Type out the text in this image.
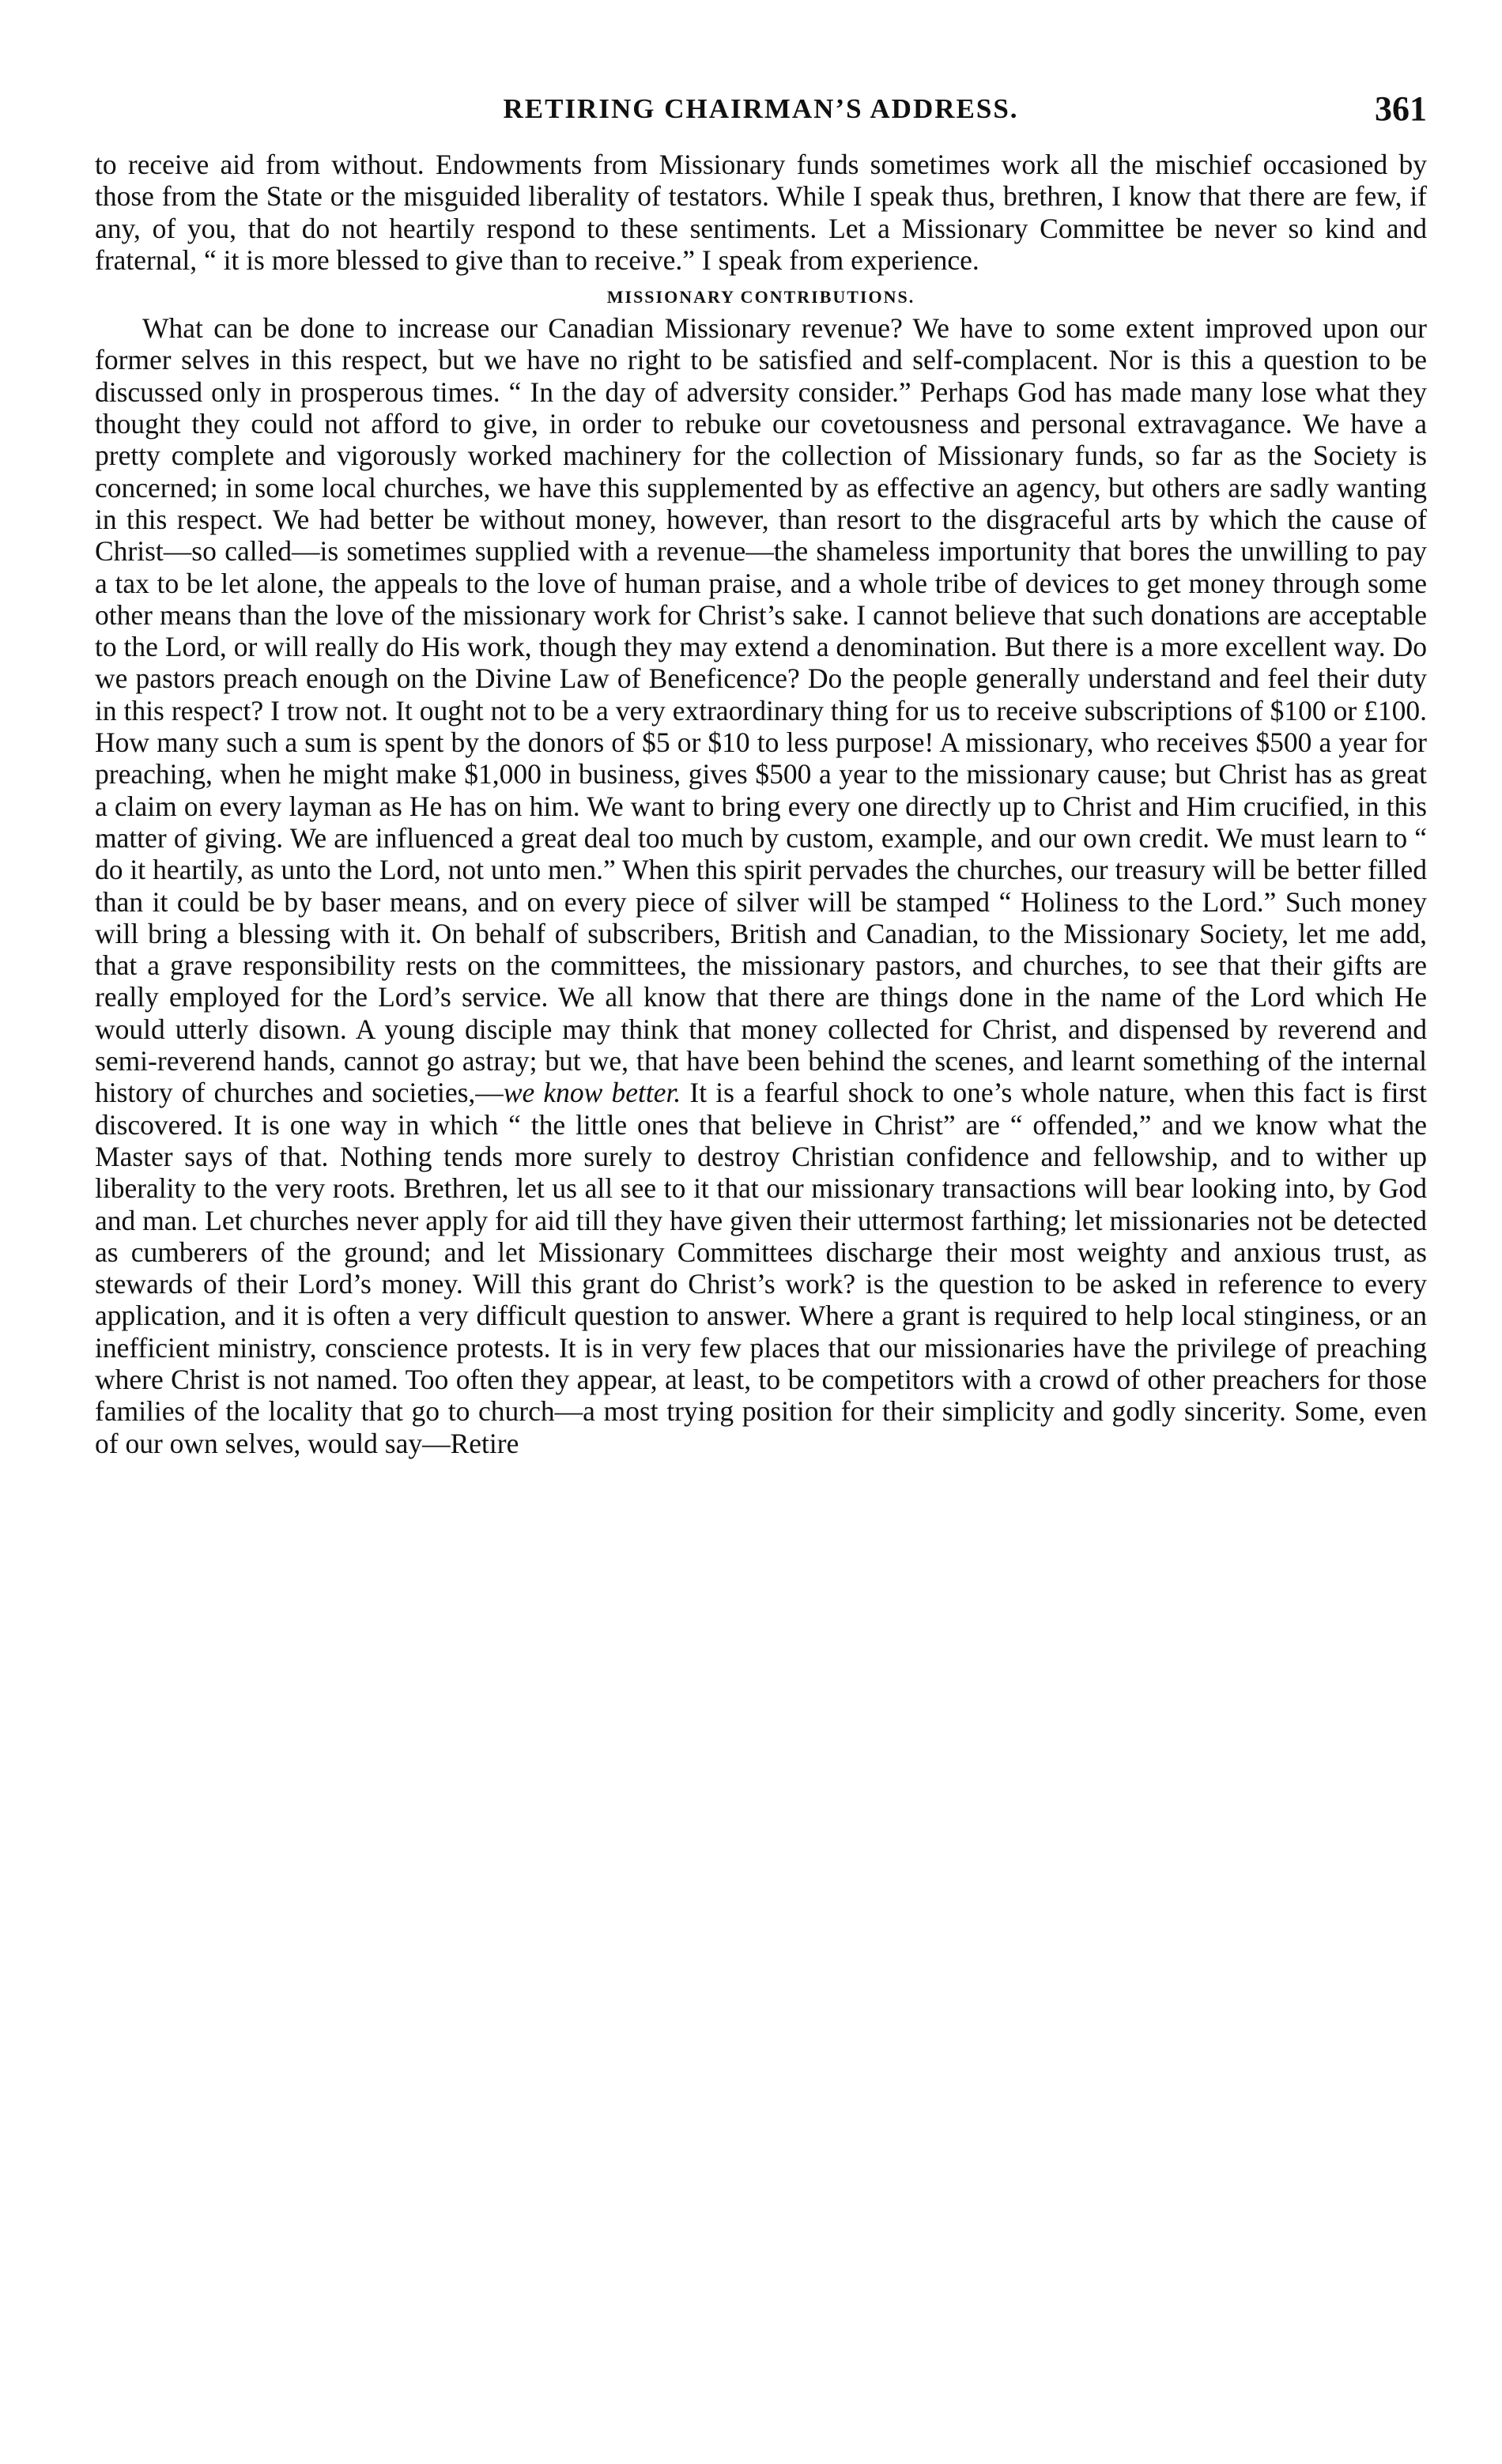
RETIRING CHAIRMAN’S ADDRESS.	361

to receive aid from without. Endowments from Missionary funds sometimes work all the mischief occasioned by those from the State or the misguided liberality of testators. While I speak thus, brethren, I know that there are few, if any, of you, that do not heartily respond to these sentiments. Let a Missionary Committee be never so kind and fraternal, “ it is more blessed to give than to receive.” I speak from experience.

MISSIONARY CONTRIBUTIONS.

What can be done to increase our Canadian Missionary revenue? We have to some extent improved upon our former selves in this respect, but we have no right to be satisfied and self-complacent. Nor is this a question to be discussed only in prosperous times. “ In the day of adversity consider.” Perhaps God has made many lose what they thought they could not afford to give, in order to rebuke our covetousness and personal extravagance. We have a pretty complete and vigorously worked machinery for the collection of Missionary funds, so far as the Society is concerned; in some local churches, we have this supplemented by as effective an agency, but others are sadly wanting in this respect. We had better be without money, however, than resort to the disgraceful arts by which the cause of Christ—so called—is sometimes supplied with a revenue—the shameless importunity that bores the unwilling to pay a tax to be let alone, the appeals to the love of human praise, and a whole tribe of devices to get money through some other means than the love of the missionary work for Christ’s sake. I cannot believe that such donations are acceptable to the Lord, or will really do His work, though they may extend a denomination. But there is a more excellent way. Do we pastors preach enough on the Divine Law of Beneficence? Do the people generally understand and feel their duty in this respect? I trow not. It ought not to be a very extraordinary thing for us to receive subscriptions of $100 or £100. How many such a sum is spent by the donors of $5 or $10 to less purpose! A missionary, who receives $500 a year for preaching, when he might make $1,000 in business, gives $500 a year to the missionary cause; but Christ has as great a claim on every layman as He has on him. We want to bring every one directly up to Christ and Him crucified, in this matter of giving. We are influenced a great deal too much by custom, example, and our own credit. We must learn to “ do it heartily, as unto the Lord, not unto men.” When this spirit pervades the churches, our treasury will be better filled than it could be by baser means, and on every piece of silver will be stamped “ Holiness to the Lord.” Such money will bring a blessing with it. On behalf of subscribers, British and Canadian, to the Missionary Society, let me add, that a grave responsibility rests on the committees, the missionary pastors, and churches, to see that their gifts are really employed for the Lord’s service. We all know that there are things done in the name of the Lord which He would utterly disown. A young disciple may think that money collected for Christ, and dispensed by reverend and semi-reverend hands, cannot go astray; but we, that have been behind the scenes, and learnt something of the internal history of churches and societies,—we know better. It is a fearful shock to one’s whole nature, when this fact is first discovered. It is one way in which “ the little ones that believe in Christ” are “ offended,” and we know what the Master says of that. Nothing tends more surely to destroy Christian confidence and fellowship, and to wither up liberality to the very roots. Brethren, let us all see to it that our missionary transactions will bear looking into, by God and man. Let churches never apply for aid till they have given their uttermost farthing; let missionaries not be detected as cumberers of the ground; and let Missionary Committees discharge their most weighty and anxious trust, as stewards of their Lord’s money. Will this grant do Christ’s work? is the question to be asked in reference to every application, and it is often a very difficult question to answer. Where a grant is required to help local stinginess, or an inefficient ministry, conscience protests. It is in very few places that our missionaries have the privilege of preaching where Christ is not named. Too often they appear, at least, to be competitors with a crowd of other preachers for those families of the locality that go to church—a most trying position for their simplicity and godly sincerity. Some, even of our own selves, would say—Retire
